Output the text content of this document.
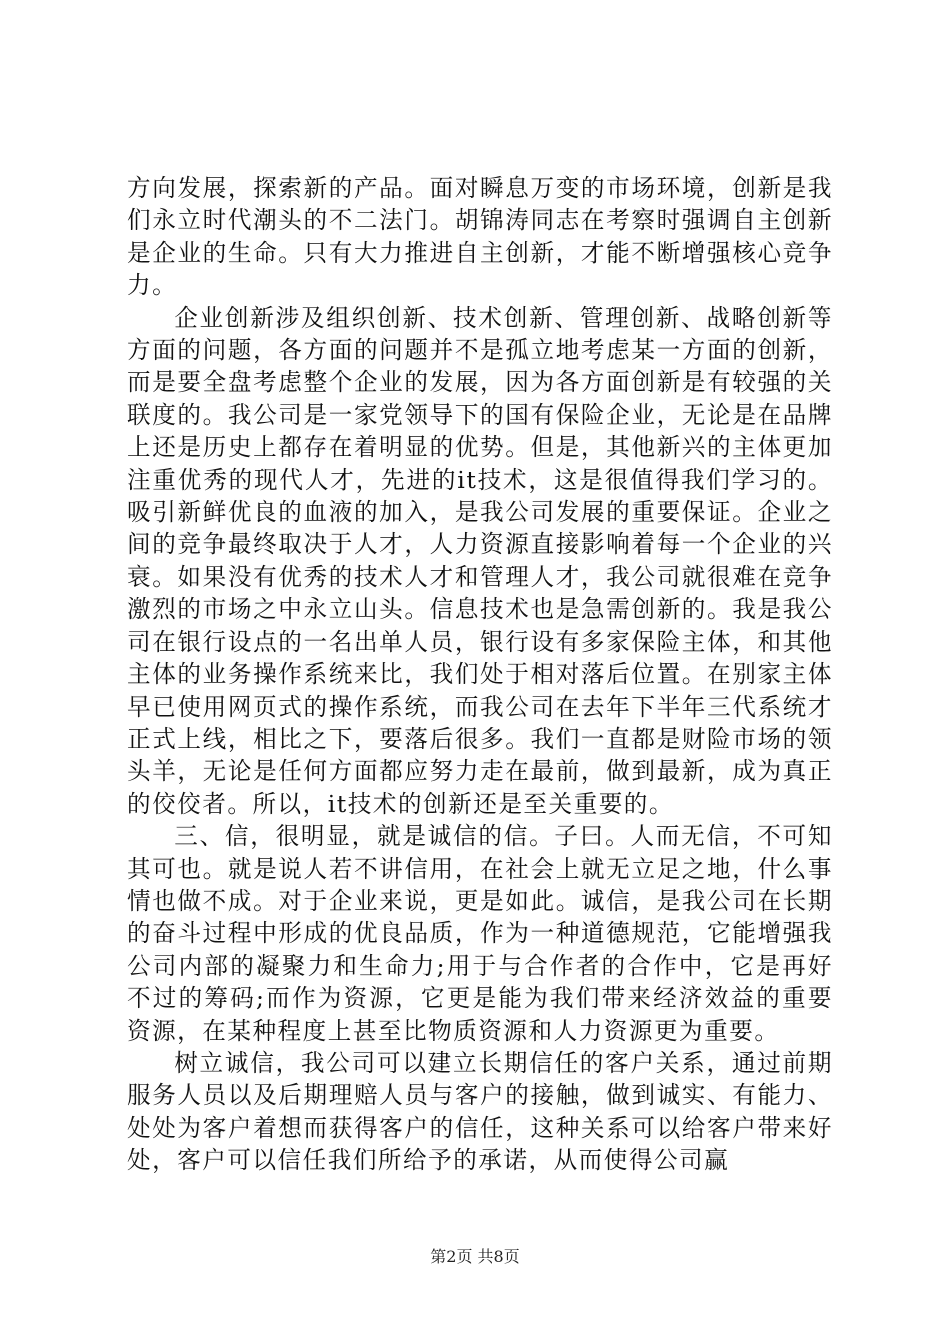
方向发展，探索新的产品。面对瞬息万变的市场环境，创新是我们永立时代潮头的不二法门。胡锦涛同志在考察时强调自主创新是企业的生命。只有大力推进自主创新，才能不断增强核心竞争力。

企业创新涉及组织创新、技术创新、管理创新、战略创新等方面的问题，各方面的问题并不是孤立地考虑某一方面的创新，而是要全盘考虑整个企业的发展，因为各方面创新是有较强的关联度的。我公司是一家党领导下的国有保险企业，无论是在品牌上还是历史上都存在着明显的优势。但是，其他新兴的主体更加注重优秀的现代人才，先进的it技术，这是很值得我们学习的。吸引新鲜优良的血液的加入，是我公司发展的重要保证。企业之间的竞争最终取决于人才，人力资源直接影响着每一个企业的兴衰。如果没有优秀的技术人才和管理人才，我公司就很难在竞争激烈的市场之中永立山头。信息技术也是急需创新的。我是我公司在银行设点的一名出单人员，银行设有多家保险主体，和其他主体的业务操作系统来比，我们处于相对落后位置。在别家主体早已使用网页式的操作系统，而我公司在去年下半年三代系统才正式上线，相比之下，要落后很多。我们一直都是财险市场的领头羊，无论是任何方面都应努力走在最前，做到最新，成为真正的佼佼者。所以，it技术的创新还是至关重要的。

三、信，很明显，就是诚信的信。子曰。人而无信，不可知其可也。就是说人若不讲信用，在社会上就无立足之地，什么事情也做不成。对于企业来说，更是如此。诚信，是我公司在长期的奋斗过程中形成的优良品质，作为一种道德规范，它能增强我公司内部的凝聚力和生命力;用于与合作者的合作中，它是再好不过的筹码;而作为资源，它更是能为我们带来经济效益的重要资源，在某种程度上甚至比物质资源和人力资源更为重要。

树立诚信，我公司可以建立长期信任的客户关系，通过前期服务人员以及后期理赔人员与客户的接触，做到诚实、有能力、处处为客户着想而获得客户的信任，这种关系可以给客户带来好处，客户可以信任我们所给予的承诺，从而使得公司赢

第2页 共8页
